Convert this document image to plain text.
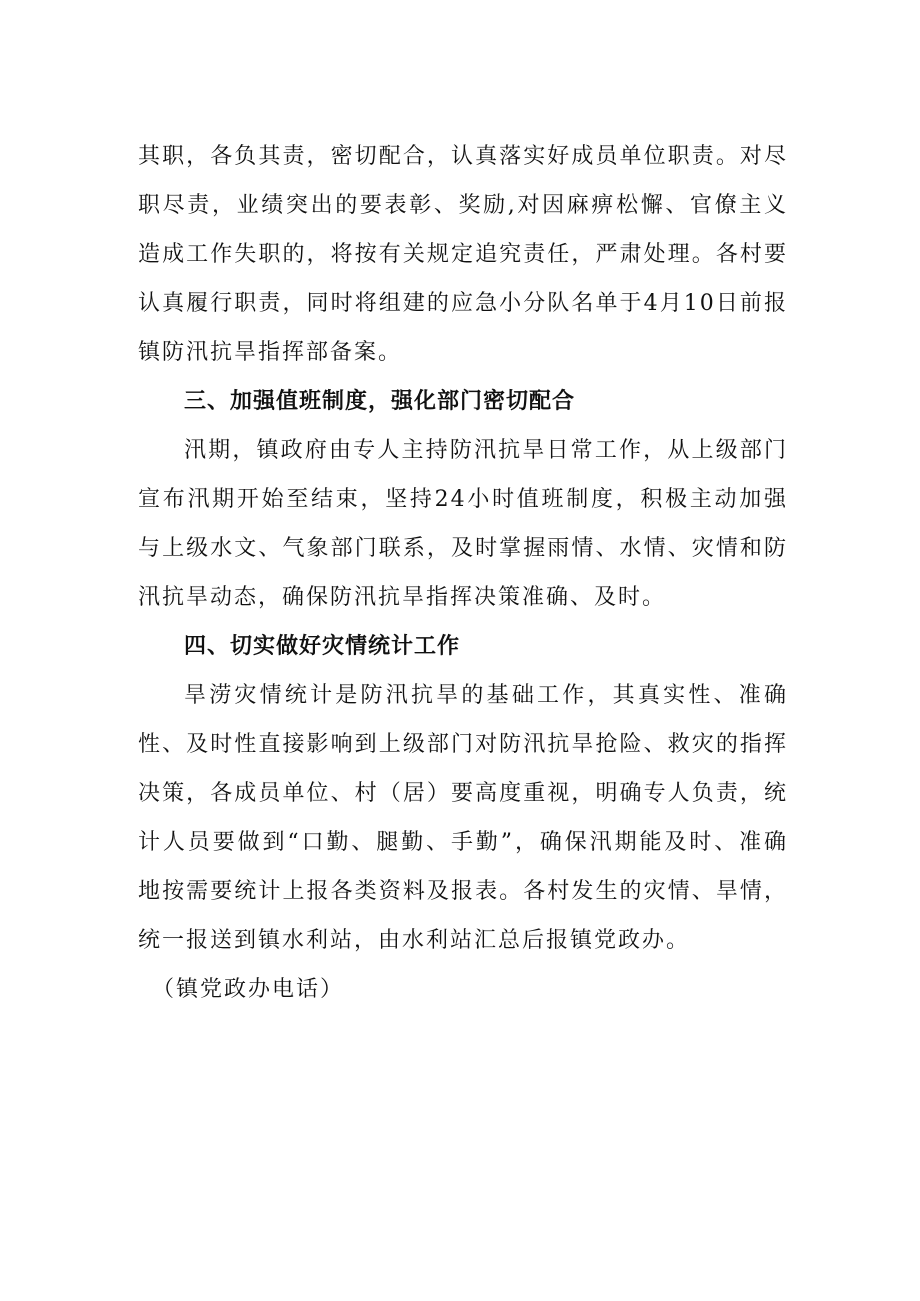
其职，各负其责，密切配合，认真落实好成员单位职责。对尽职尽责，业绩突出的要表彰、奖励,对因麻痹松懈、官僚主义造成工作失职的，将按有关规定追究责任，严肃处理。各村要认真履行职责，同时将组建的应急小分队名单于4月10日前报镇防汛抗旱指挥部备案。

三、加强值班制度，强化部门密切配合

汛期，镇政府由专人主持防汛抗旱日常工作，从上级部门宣布汛期开始至结束，坚持24小时值班制度，积极主动加强与上级水文、气象部门联系，及时掌握雨情、水情、灾情和防汛抗旱动态，确保防汛抗旱指挥决策准确、及时。

四、切实做好灾情统计工作

旱涝灾情统计是防汛抗旱的基础工作，其真实性、准确性、及时性直接影响到上级部门对防汛抗旱抢险、救灾的指挥决策，各成员单位、村（居）要高度重视，明确专人负责，统计人员要做到“口勤、腿勤、手勤”，确保汛期能及时、准确地按需要统计上报各类资料及报表。各村发生的灾情、旱情，统一报送到镇水利站，由水利站汇总后报镇党政办。

（镇党政办电话）
